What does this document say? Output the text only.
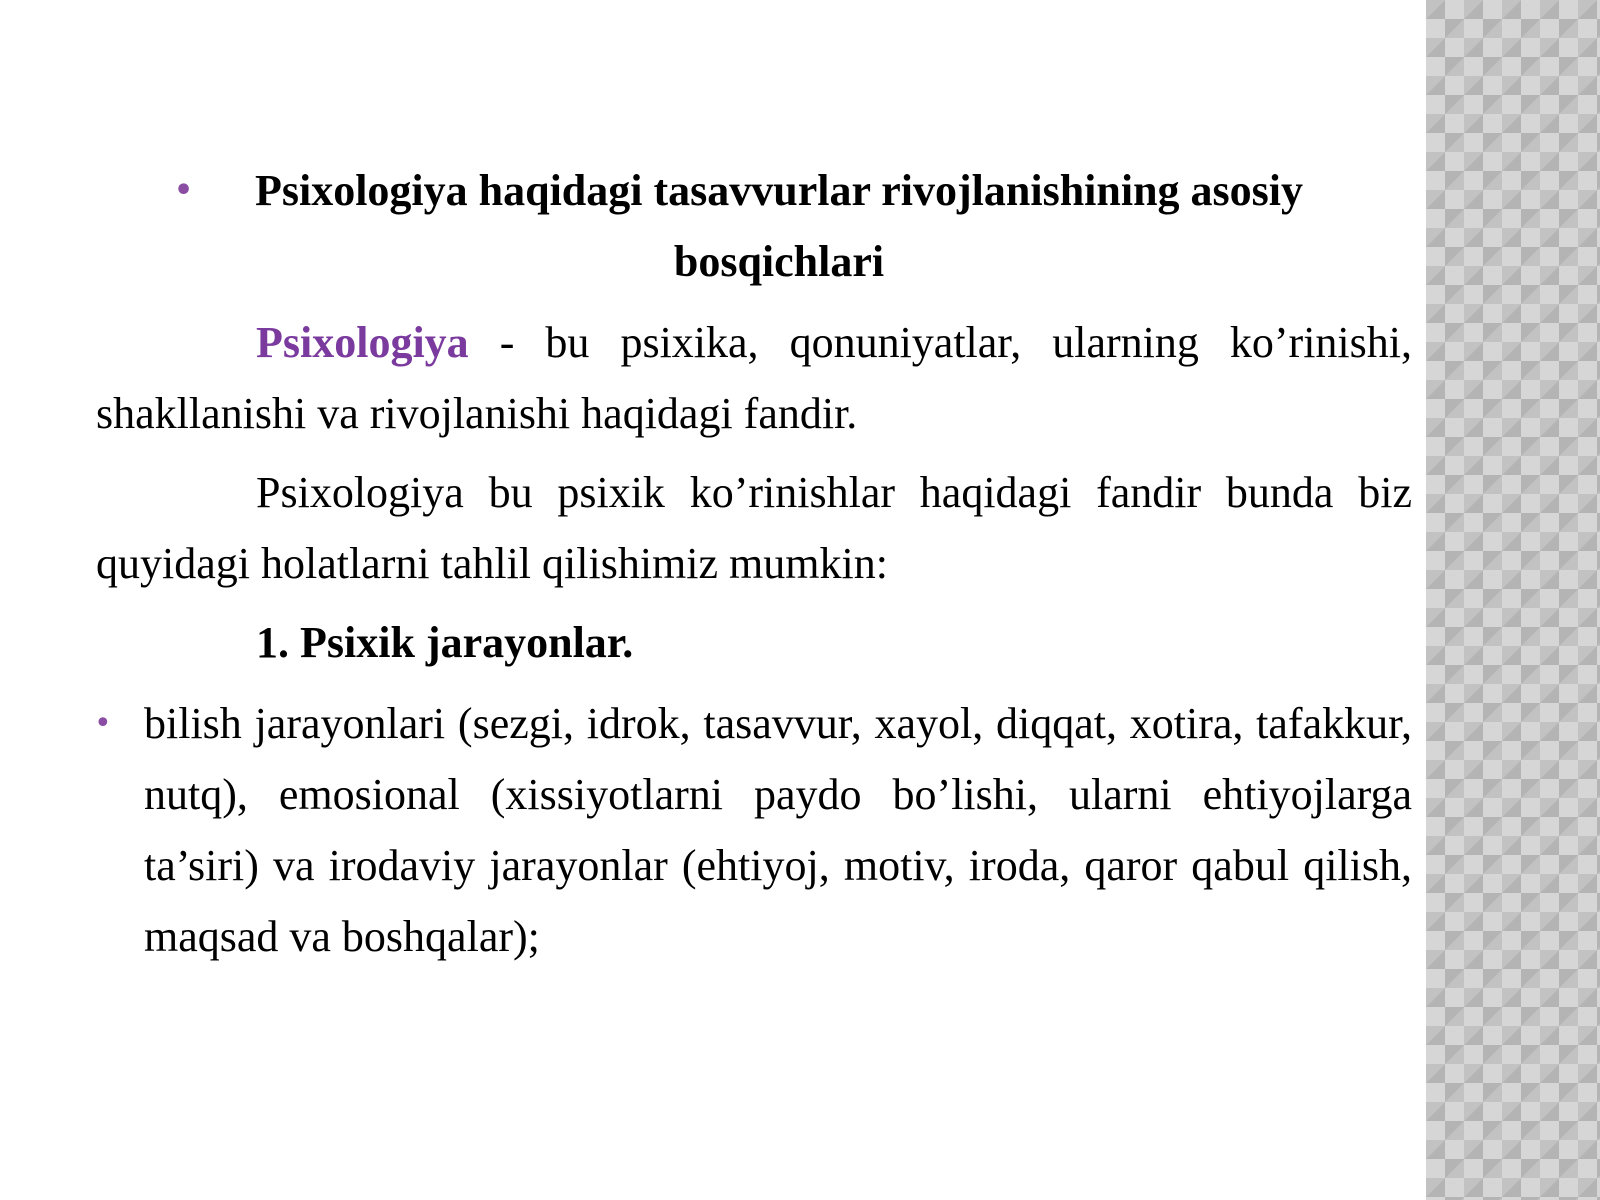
• Psixologiya haqidagi tasavvurlar rivojlanishining asosiy bosqichlari

Psixologiya - bu psixika, qonuniyatlar, ularning ko’rinishi, shakllanishi va rivojlanishi haqidagi fandir.

Psixologiya bu psixik ko’rinishlar haqidagi fandir bunda biz quyidagi holatlarni tahlil qilishimiz mumkin:

1. Psixik jarayonlar.

• bilish jarayonlari (sezgi, idrok, tasavvur, xayol, diqqat, xotira, tafakkur, nutq), emosional (xissiyotlarni paydo bo’lishi, ularni ehtiyojlarga ta’siri) va irodaviy jarayonlar (ehtiyoj, motiv, iroda, qaror qabul qilish, maqsad va boshqalar);
